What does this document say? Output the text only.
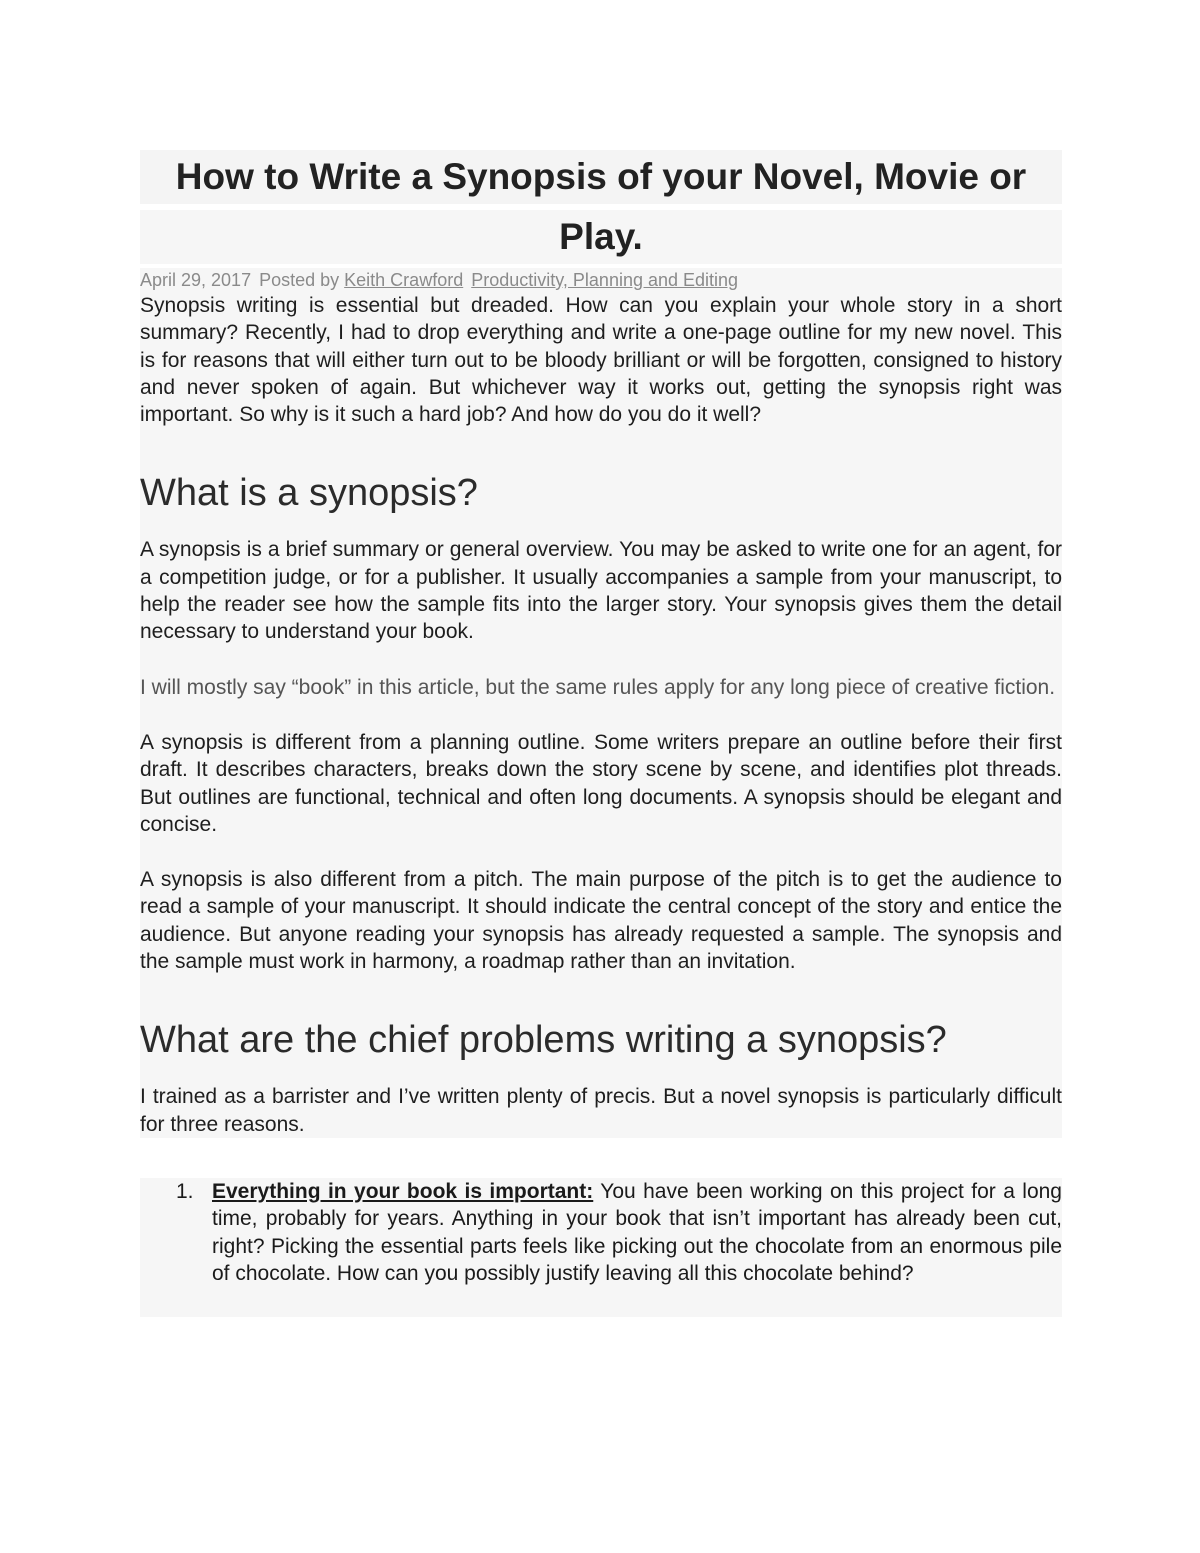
How to Write a Synopsis of your Novel, Movie or
Play.
April 29, 2017 Posted by Keith Crawford Productivity, Planning and Editing

Synopsis writing is essential but dreaded. How can you explain your whole story in a short summary? Recently, I had to drop everything and write a one-page outline for my new novel. This is for reasons that will either turn out to be bloody brilliant or will be forgotten, consigned to history and never spoken of again. But whichever way it works out, getting the synopsis right was important. So why is it such a hard job? And how do you do it well?

What is a synopsis?

A synopsis is a brief summary or general overview. You may be asked to write one for an agent, for a competition judge, or for a publisher. It usually accompanies a sample from your manuscript, to help the reader see how the sample fits into the larger story. Your synopsis gives them the detail necessary to understand your book.

I will mostly say “book” in this article, but the same rules apply for any long piece of creative fiction.

A synopsis is different from a planning outline. Some writers prepare an outline before their first draft. It describes characters, breaks down the story scene by scene, and identifies plot threads. But outlines are functional, technical and often long documents. A synopsis should be elegant and concise.

A synopsis is also different from a pitch. The main purpose of the pitch is to get the audience to read a sample of your manuscript. It should indicate the central concept of the story and entice the audience. But anyone reading your synopsis has already requested a sample. The synopsis and the sample must work in harmony, a roadmap rather than an invitation.

What are the chief problems writing a synopsis?

I trained as a barrister and I’ve written plenty of precis. But a novel synopsis is particularly difficult for three reasons.

1. Everything in your book is important: You have been working on this project for a long time, probably for years. Anything in your book that isn’t important has already been cut, right? Picking the essential parts feels like picking out the chocolate from an enormous pile of chocolate. How can you possibly justify leaving all this chocolate behind?
